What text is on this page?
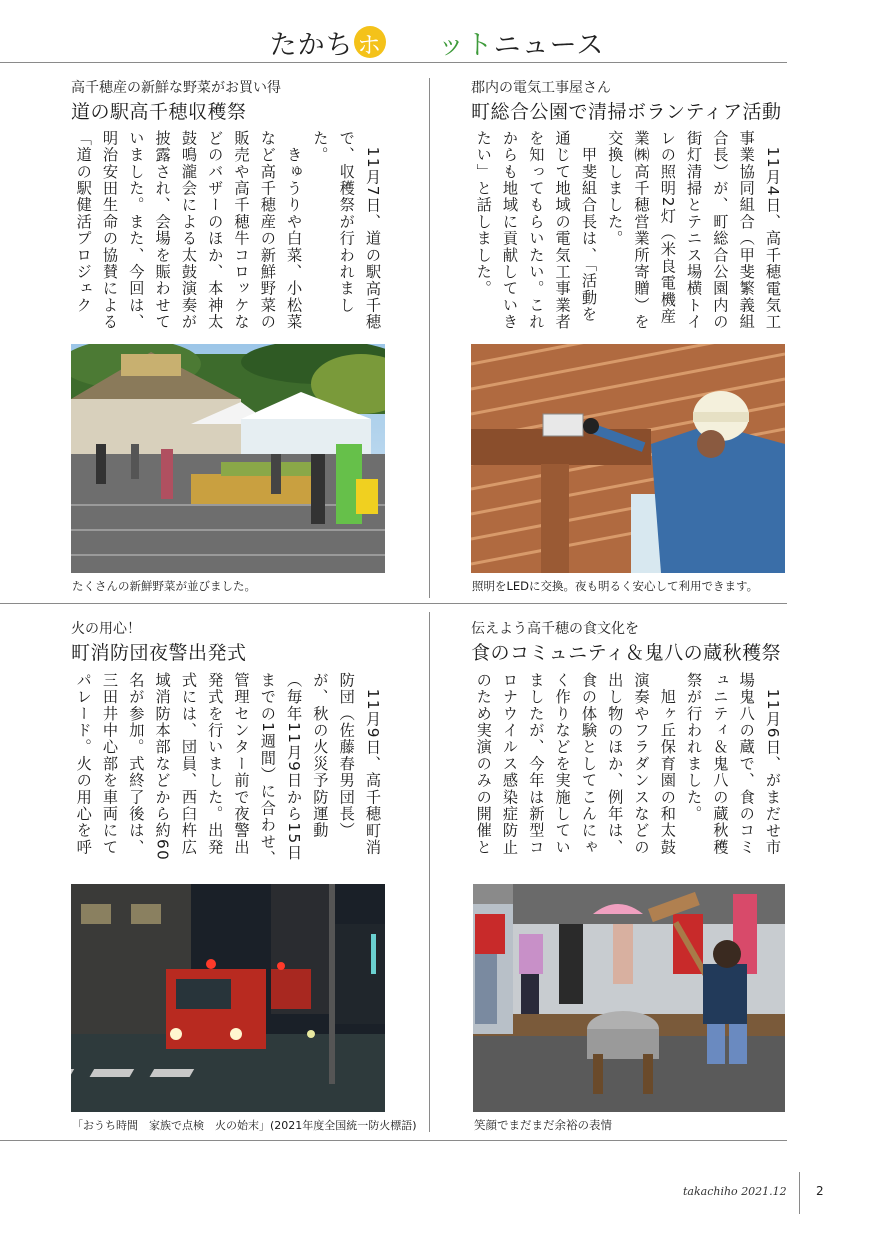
たかち ホ ット ニュース
高千穂産の新鮮な野菜がお買い得
道の駅高千穂収穫祭
　11月7日、道の駅高千穂で、収穫祭が行われました。
　きゅうりや白菜、小松菜など高千穂産の新鮮野菜の販売や高千穂牛コロッケなどのバザーのほか、本神太鼓鳴瀧会による太鼓演奏が披露され、会場を賑わせていました。また、今回は、明治安田生命の協賛による「道の駅健活プロジェク
たくさんの新鮮野菜が並びました。
郡内の電気工事屋さん
町総合公園で清掃ボランティア活動
　11月4日、高千穂電気工事業協同組合（甲斐繁義組合長）が、町総合公園内の街灯清掃とテニス場横トイレの照明2灯（米良電機産業㈱高千穂営業所寄贈）を交換しました。
　甲斐組合長は、「活動を通じて地域の電気工事業者を知ってもらいたい。これからも地域に貢献していきたい」と話しました。

照明をLEDに交換。夜も明るく安心して利用できます。
火の用心！
町消防団夜警出発式
　11月9日、高千穂町消防団（佐藤春男団長）が、秋の火災予防運動（毎年11月9日から15日までの1週間）に合わせ、管理センター前で夜警出発式を行いました。出発式には、団員、西臼杵広域消防本部などから約60名が参加。式終了後は、三田井中心部を車両にてパレード。火の用心を呼

「おうち時間　家族で点検　火の始末」(2021年度全国統一防火標語)
伝えよう高千穂の食文化を
食のコミュニティ＆鬼八の蔵秋穫祭
　11月6日、がまだせ市場鬼八の蔵で、食のコミュニティ＆鬼八の蔵秋穫祭が行われました。
　旭ヶ丘保育園の和太鼓演奏やフラダンスなどの出し物のほか、例年は、食の体験としてこんにゃく作りなどを実施していましたが、今年は新型コロナウイルス感染症防止のため実演のみの開催と

笑顔でまだまだ余裕の表情
takachiho 2021.12 2
